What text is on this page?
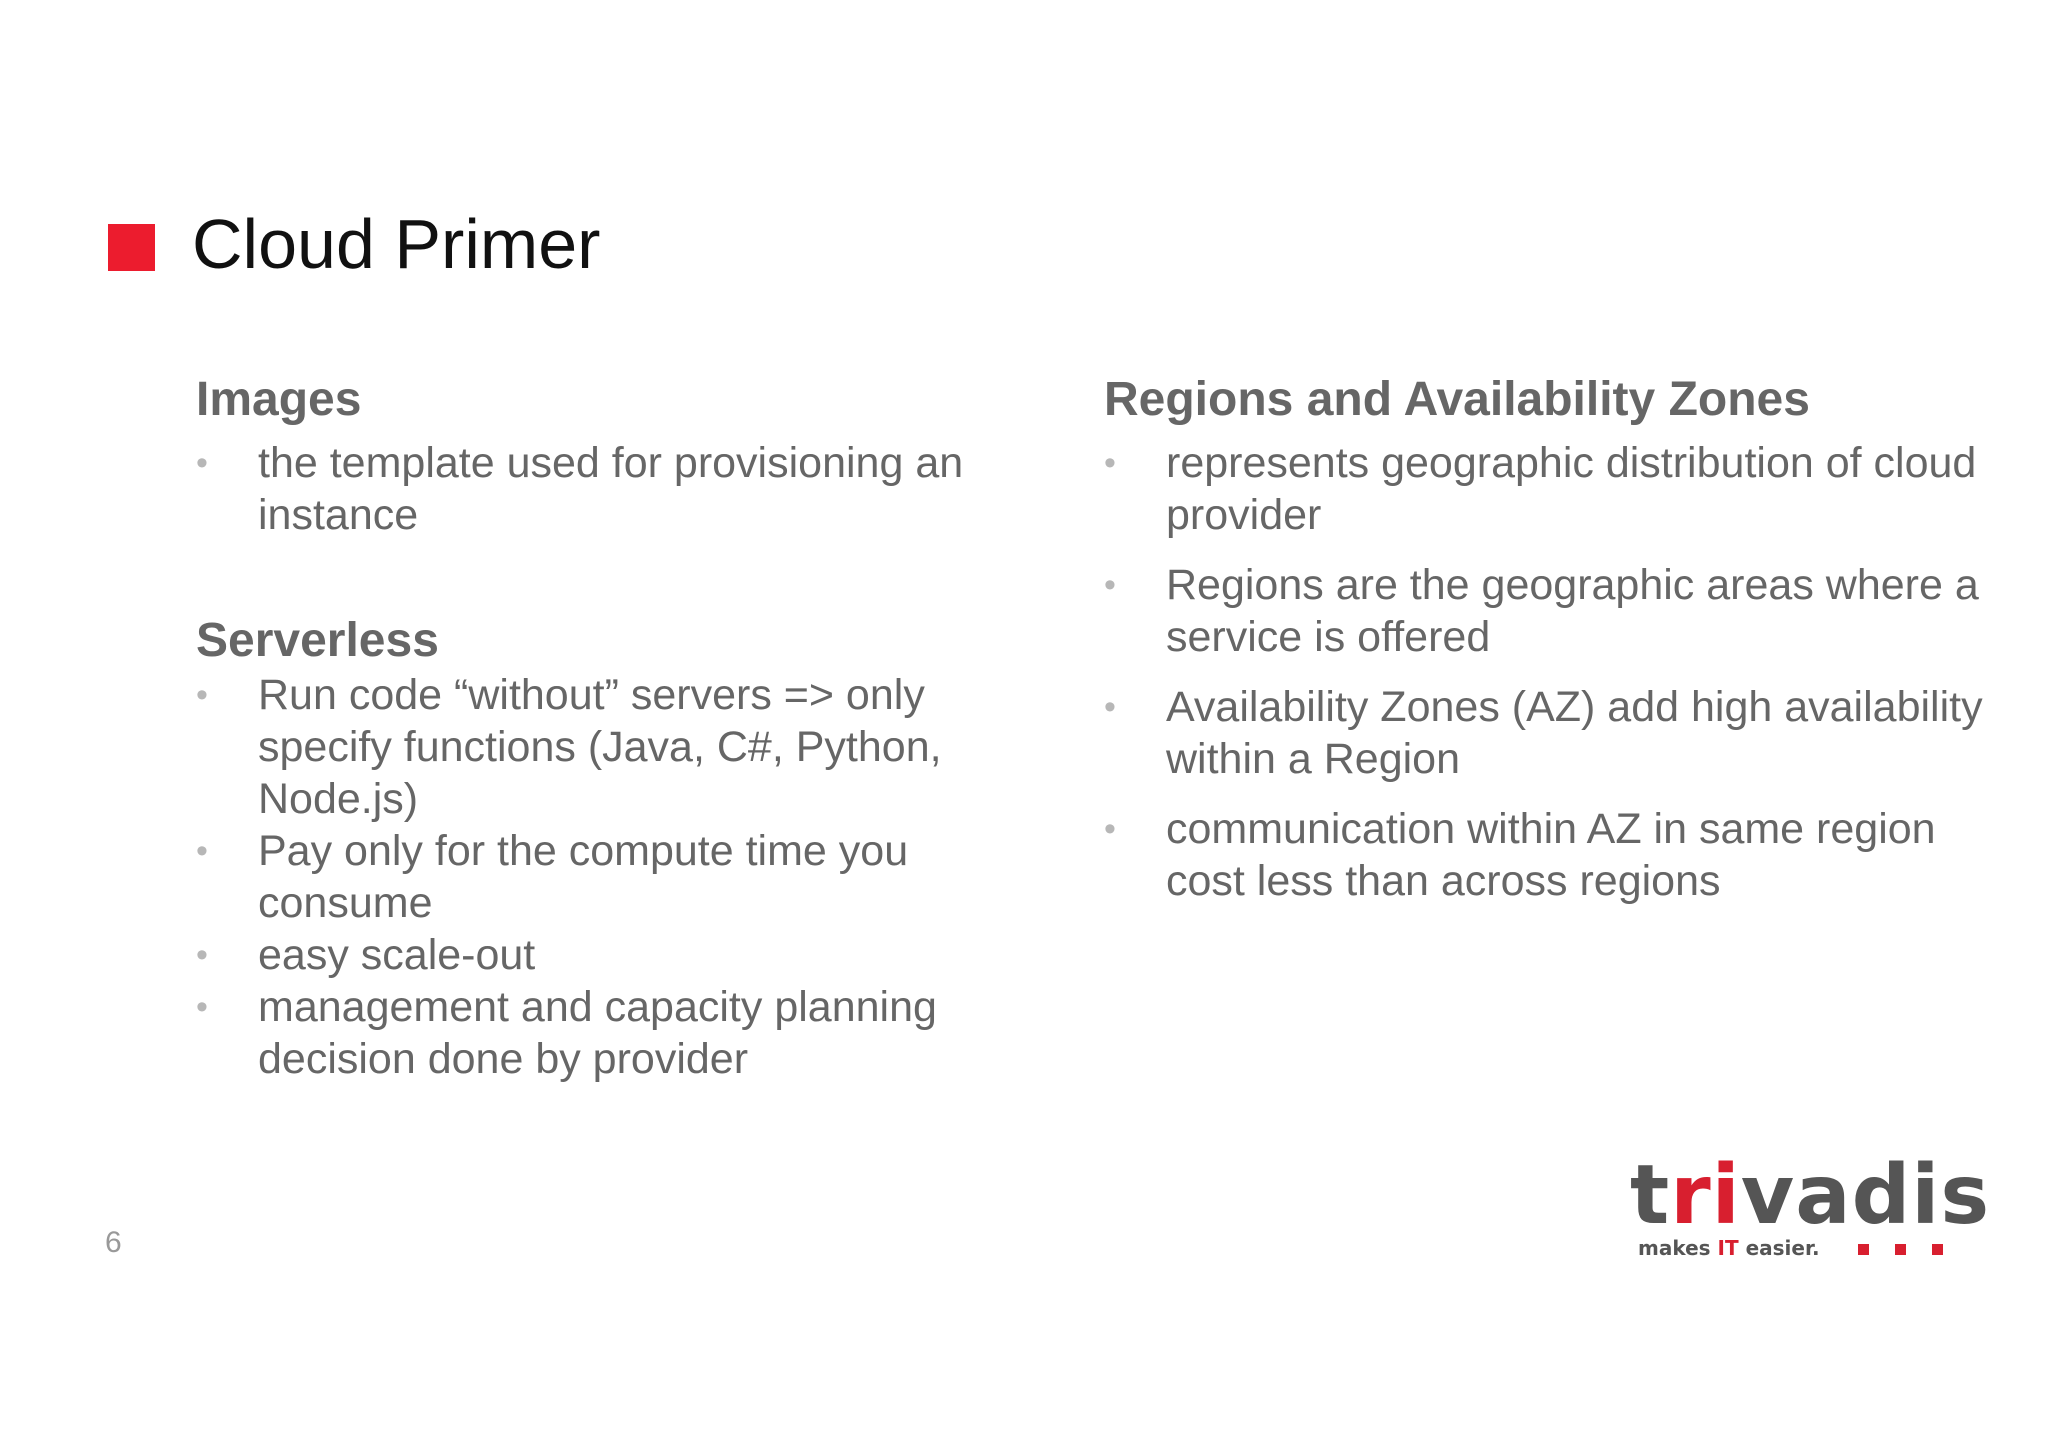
Cloud Primer
Images
• the template used for provisioning an instance
Serverless
• Run code “without” servers => only specify functions (Java, C#, Python, Node.js)
• Pay only for the compute time you consume
• easy scale-out
• management and capacity planning decision done by provider
Regions and Availability Zones
• represents geographic distribution of cloud provider
• Regions are the geographic areas where a service is offered
• Availability Zones (AZ) add high availability within a Region
• communication within AZ in same region cost less than across regions
6	trivadis
makes IT easier.
